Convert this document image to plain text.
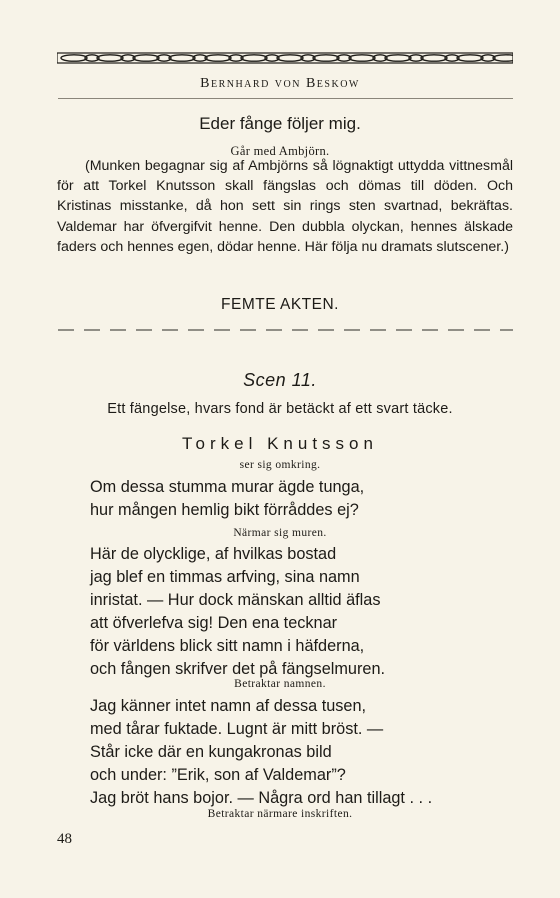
Bernhard von Beskow
Eder fånge följer mig.
Går med Ambjörn.

(Munken begagnar sig af Ambjörns så lögnaktigt uttydda vittnesmål för att Torkel Knutsson skall fängslas och dömas till döden. Och Kristinas misstanke, då hon sett sin rings sten svartnad, bekräftas. Valdemar har öfvergifvit henne. Den dubbla olyckan, hennes älskade faders och hennes egen, dödar henne. Här följa nu dramats slutscener.)

FEMTE AKTEN.
Scen 11.
Ett fängelse, hvars fond är betäckt af ett svart täcke.
Torkel Knutsson
ser sig omkring.
Om dessa stumma murar ägde tunga,
hur mången hemlig bikt förråddes ej?
Närmar sig muren.
Här de olycklige, af hvilkas bostad
jag blef en timmas arfving, sina namn
inristat. — Hur dock mänskan alltid äflas
att öfverlefva sig! Den ena tecknar
för världens blick sitt namn i häfderna,
och fången skrifver det på fängselmuren.
Betraktar namnen.
Jag känner intet namn af dessa tusen,
med tårar fuktade. Lugnt är mitt bröst. —
Står icke där en kungakronas bild
och under: ”Erik, son af Valdemar”?
Jag bröt hans bojor. — Några ord han tillagt . . .
Betraktar närmare inskriften.
48
